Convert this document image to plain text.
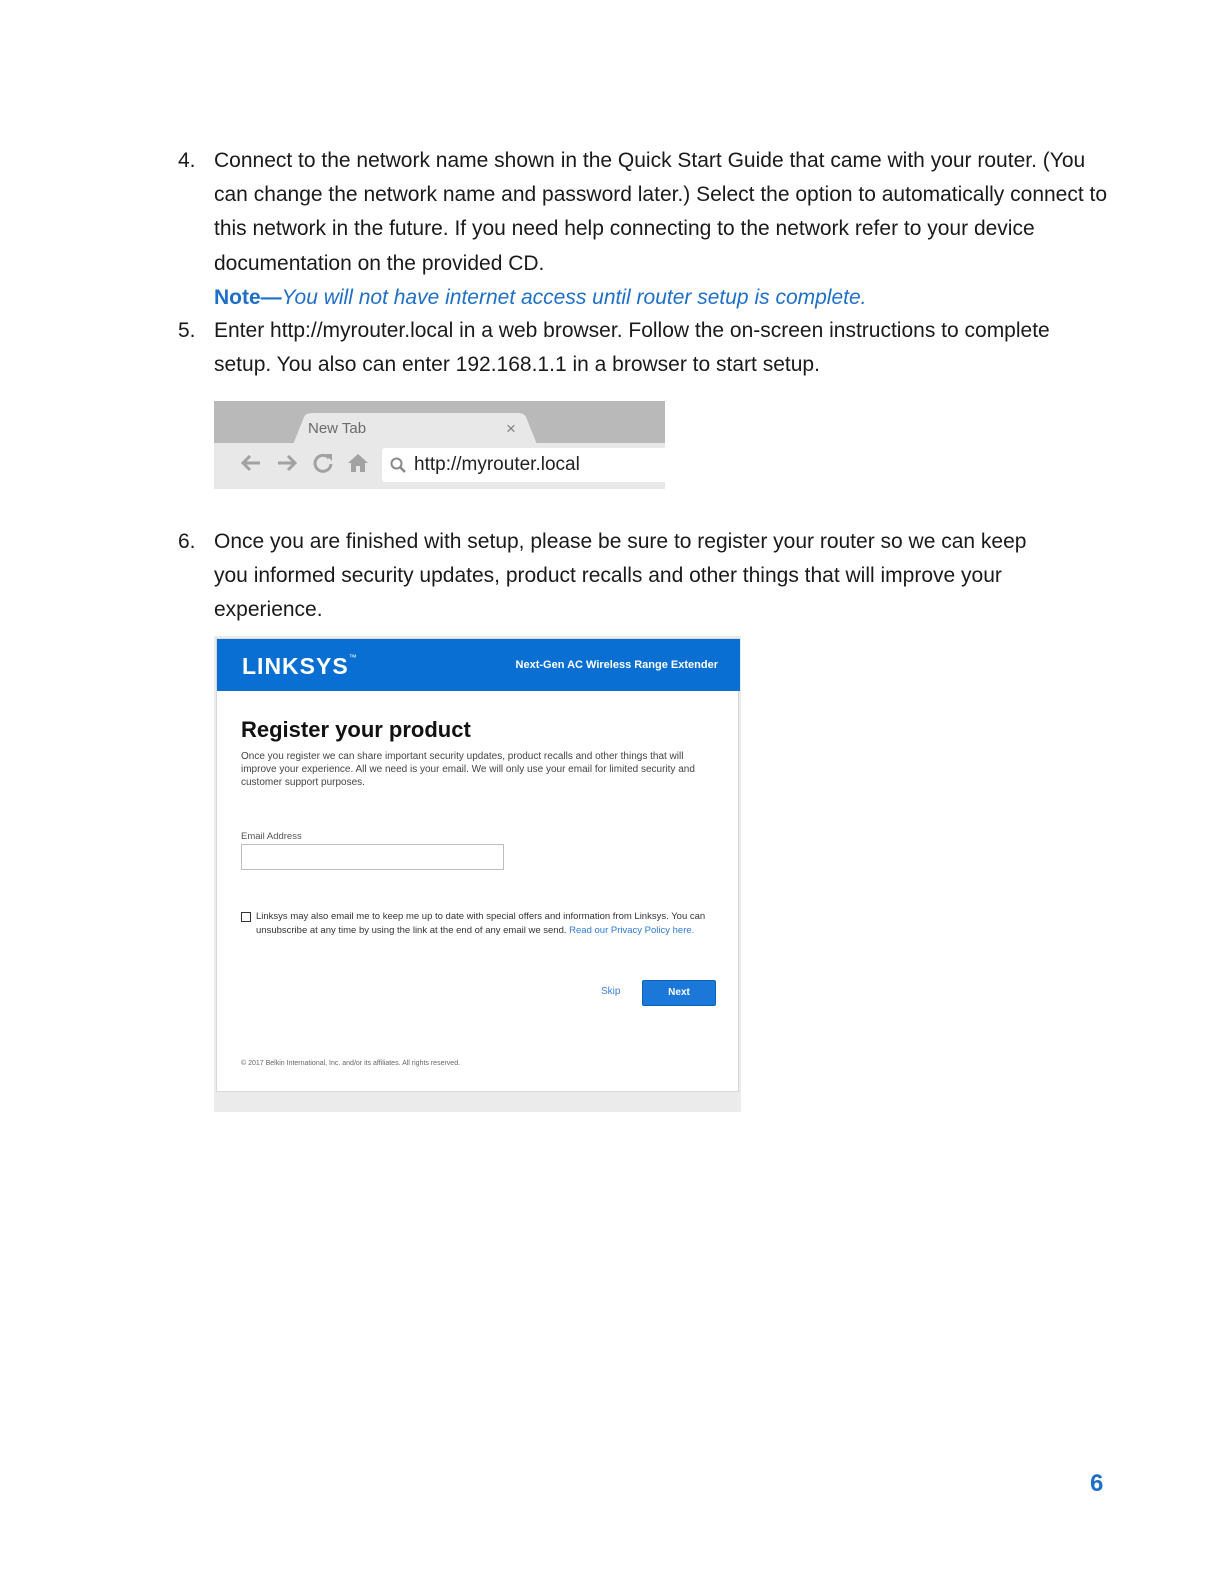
4. Connect to the network name shown in the Quick Start Guide that came with your router. (You can change the network name and password later.) Select the option to automatically connect to this network in the future. If you need help connecting to the network refer to your device documentation on the provided CD.

Note—You will not have internet access until router setup is complete.

5. Enter http://myrouter.local in a web browser. Follow the on-screen instructions to complete setup. You also can enter 192.168.1.1 in a browser to start setup.

New Tab	×
http://myrouter.local
6. Once you are finished with setup, please be sure to register your router so we can keep you informed security updates, product recalls and other things that will improve your experience.

LINKSYS™
Next-Gen AC Wireless Range Extender
Register your product
Once you register we can share important security updates, product recalls and other things that will improve your experience. All we need is your email. We will only use your email for limited security and customer support purposes.
Email Address
Linksys may also email me to keep me up to date with special offers and information from Linksys. You can unsubscribe at any time by using the link at the end of any email we send. Read our Privacy Policy here.
Skip	Next
© 2017 Belkin International, Inc. and/or its affiliates. All rights reserved.
6
